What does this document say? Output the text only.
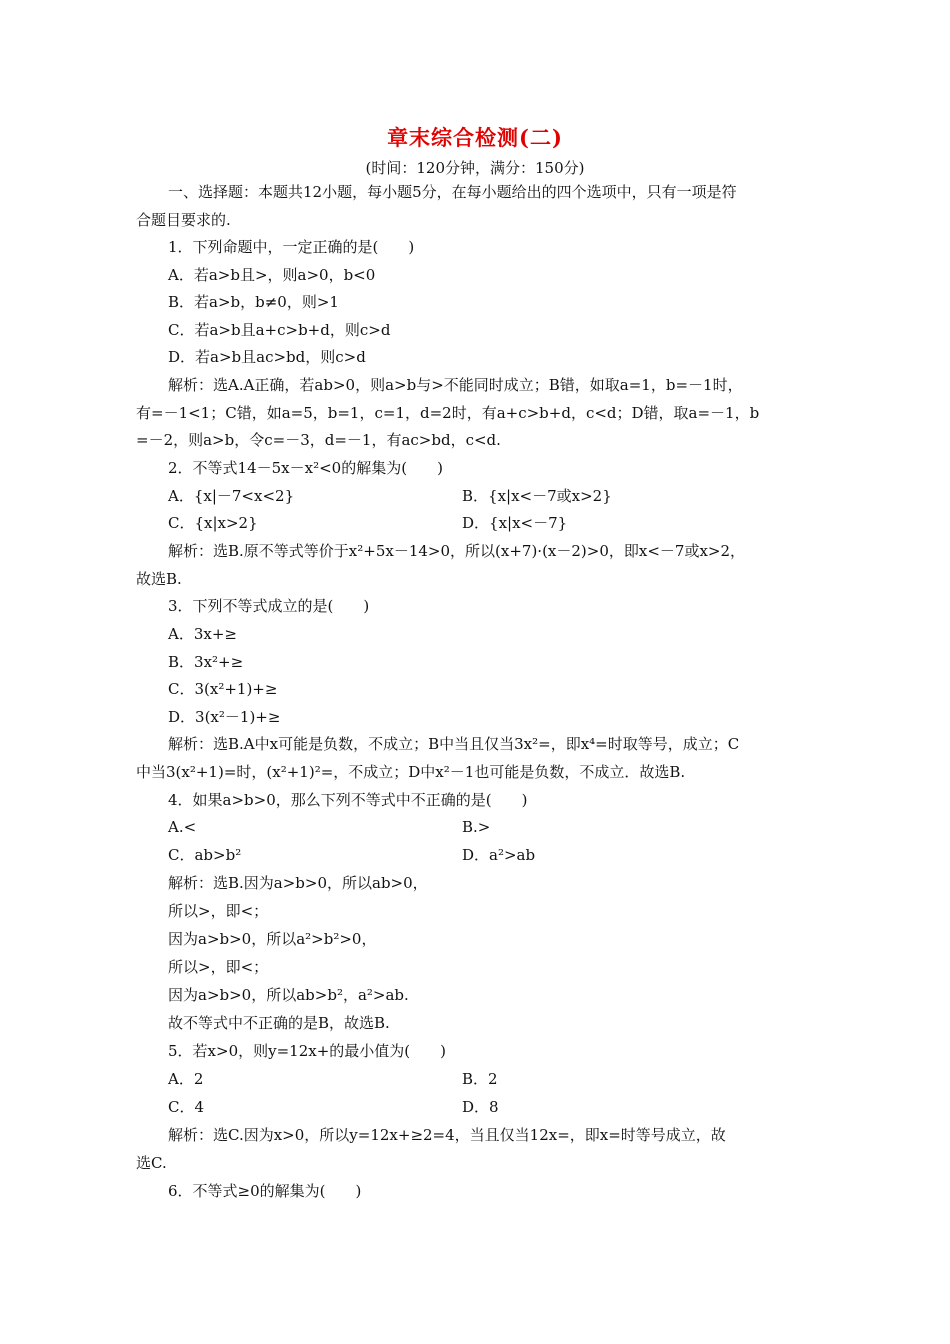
章末综合检测(二)
(时间：120分钟，满分：150分)
一、选择题：本题共12小题，每小题5分，在每小题给出的四个选项中，只有一项是符
合题目要求的.
1．下列命题中，一定正确的是(　　)
A．若a>b且>，则a>0，b<0
B．若a>b，b≠0，则>1
C．若a>b且a+c>b+d，则c>d
D．若a>b且ac>bd，则c>d
解析：选A.A正确，若ab>0，则a>b与>不能同时成立；B错，如取a=1，b=－1时，
有=－1<1；C错，如a=5，b=1，c=1，d=2时，有a+c>b+d，c<d；D错，取a=－1，b
=－2，则a>b，令c=－3，d=－1，有ac>bd，c<d.
2．不等式14－5x－x²<0的解集为(　　)
A．{x|－7<x<2}	B．{x|x<－7或x>2}
C．{x|x>2}	D．{x|x<－7}
解析：选B.原不等式等价于x²+5x－14>0，所以(x+7)·(x－2)>0，即x<－7或x>2，
故选B.
3．下列不等式成立的是(　　)
A．3x+≥
B．3x²+≥
C．3(x²+1)+≥
D．3(x²－1)+≥
解析：选B.A中x可能是负数，不成立；B中当且仅当3x²=，即x⁴=时取等号，成立；C
中当3(x²+1)=时，(x²+1)²=，不成立；D中x²－1也可能是负数，不成立．故选B.
4．如果a>b>0，那么下列不等式中不正确的是(　　)
A.<	B.>
C．ab>b²	D．a²>ab
解析：选B.因为a>b>0，所以ab>0，
所以>，即<；
因为a>b>0，所以a²>b²>0，
所以>，即<；
因为a>b>0，所以ab>b²，a²>ab.
故不等式中不正确的是B，故选B.
5．若x>0，则y=12x+的最小值为(　　)
A．2	B．2
C．4	D．8
解析：选C.因为x>0，所以y=12x+≥2=4，当且仅当12x=，即x=时等号成立，故
选C.
6．不等式≥0的解集为(　　)
